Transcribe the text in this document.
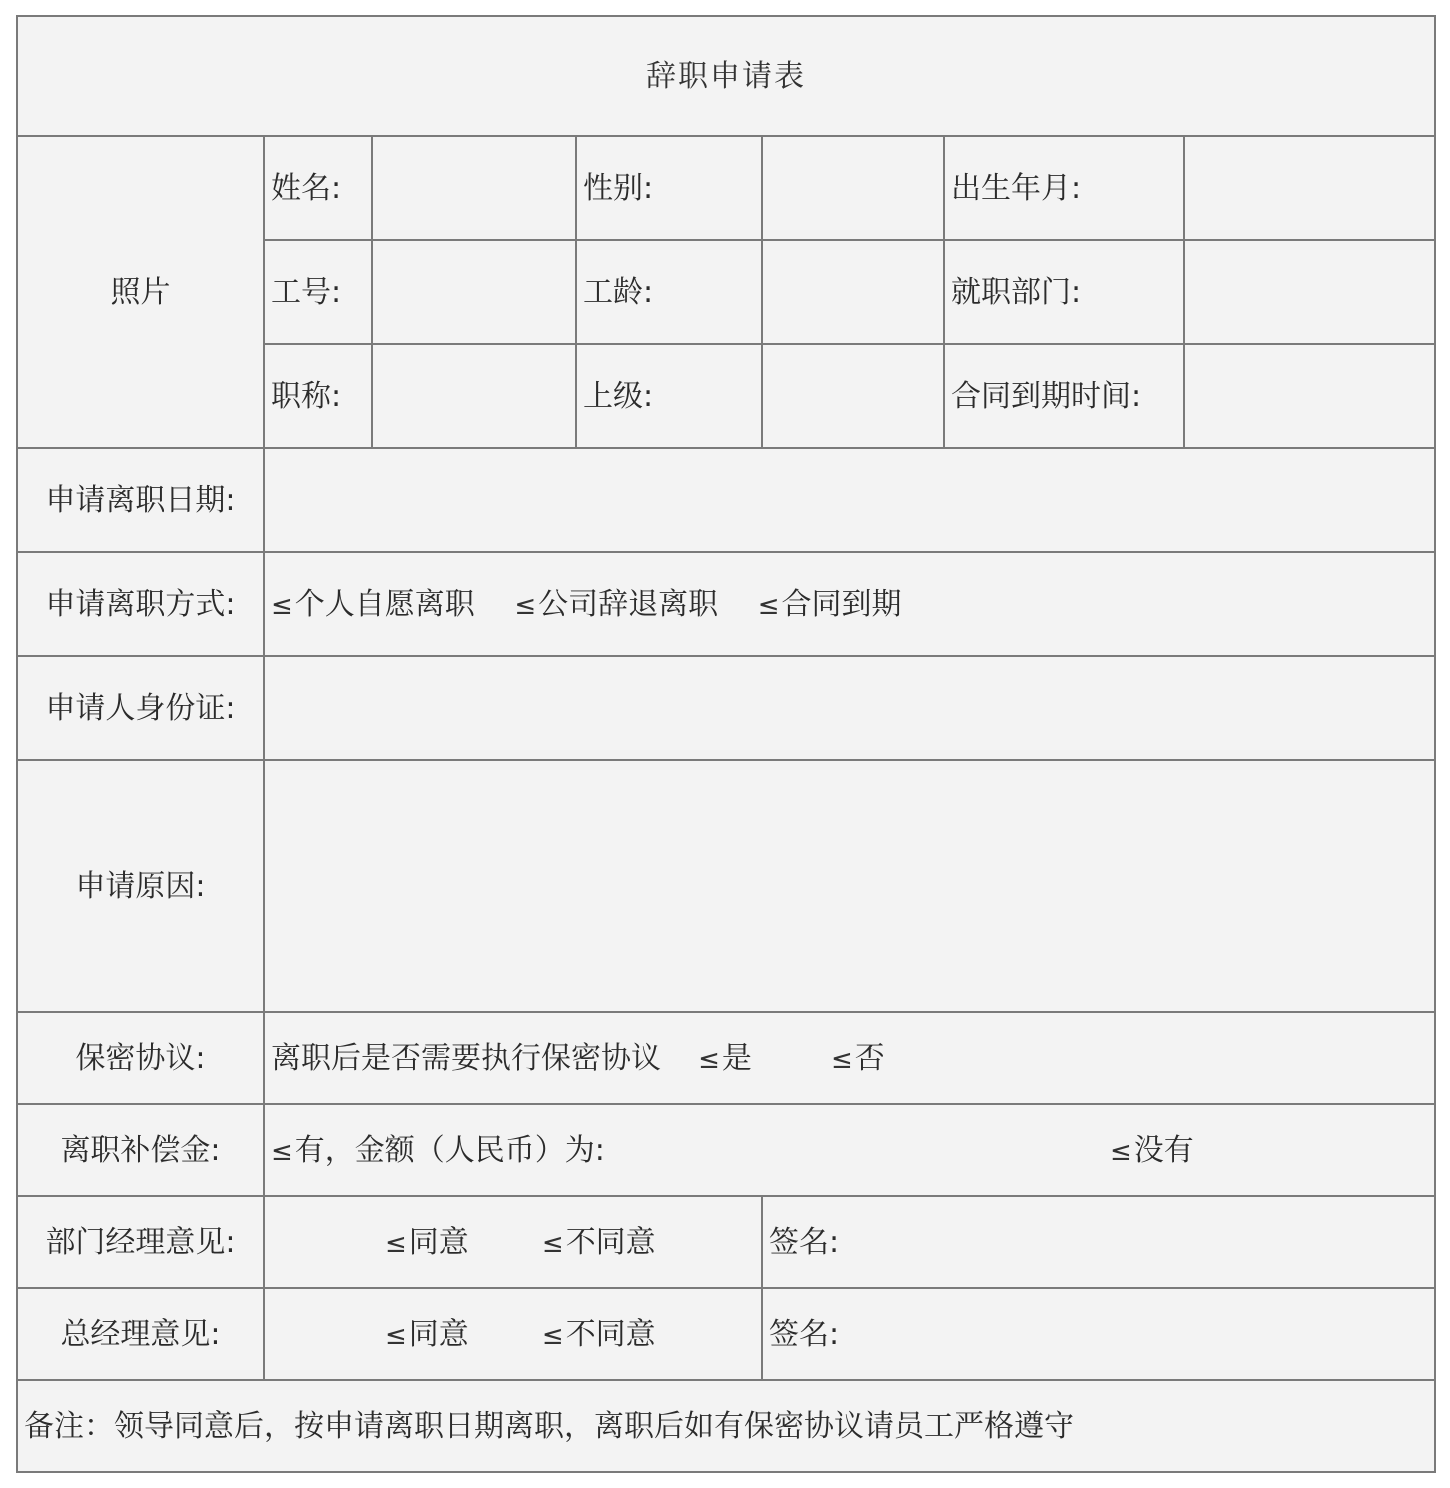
辞职申请表						
照片	姓名:		性别:		出生年月:	
	工号:		工龄:		就职部门:	
	职称:		上级:		合同到期时间:	
申请离职日期:						
申请离职方式:	≤个人自愿离职 ≤公司辞退离职 ≤合同到期					
申请人身份证:						
申请原因:						
保密协议:	离职后是否需要执行保密协议 ≤是 ≤否					
离职补偿金:	≤有，金额（人民币）为: ≤没有					
部门经理意见:	≤同意 ≤不同意			签名:		
总经理意见:	≤同意 ≤不同意			签名:		
备注：领导同意后，按申请离职日期离职，离职后如有保密协议请员工严格遵守						
